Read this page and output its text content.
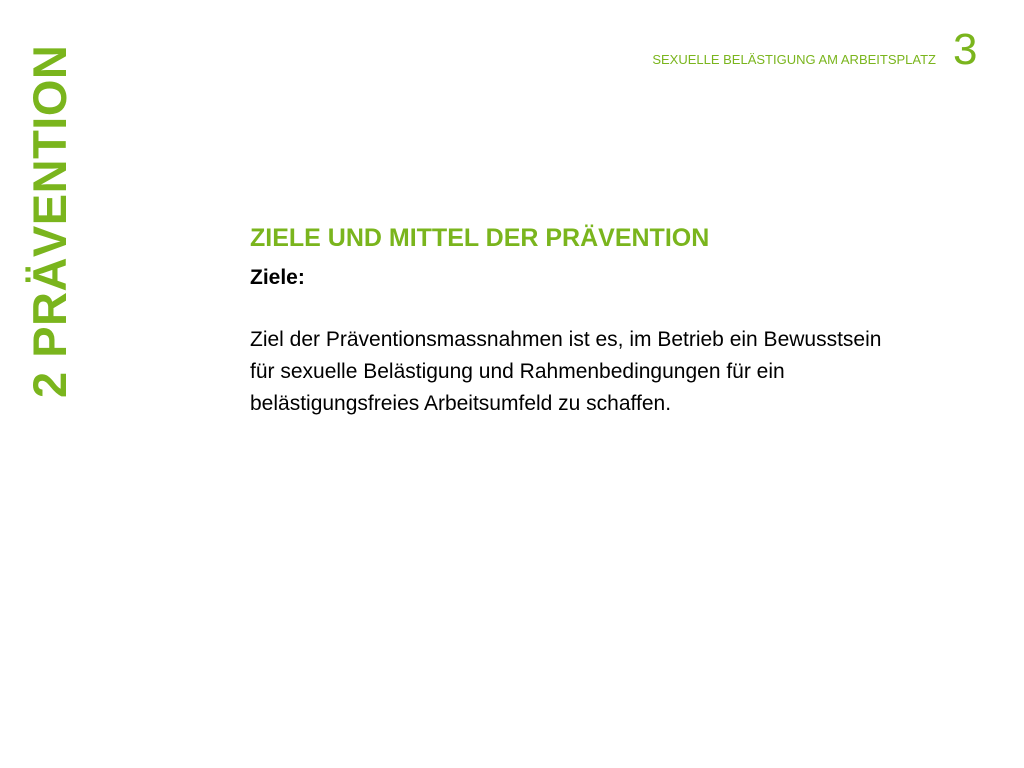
2 PRÄVENTION	SEXUELLE BELÄSTIGUNG AM ARBEITSPLATZ 3
ZIELE UND MITTEL DER PRÄVENTION

Ziele:

Ziel der Präventionsmassnahmen ist es, im Betrieb ein Bewusstsein für sexuelle Belästigung und Rahmenbedingungen für ein belästigungsfreies Arbeitsumfeld zu schaffen.
